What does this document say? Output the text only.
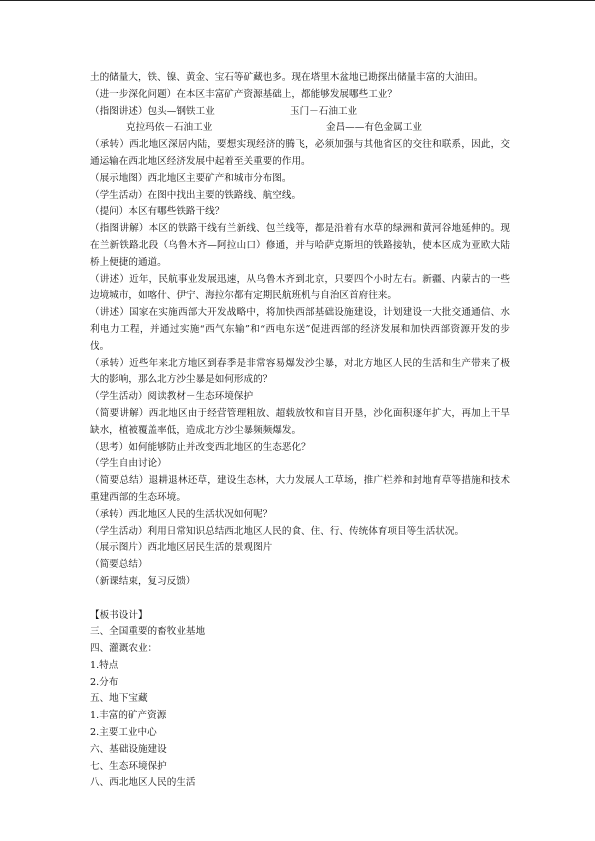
土的储量大，铁、镍、黄金、宝石等矿藏也多。现在塔里木盆地已勘探出储量丰富的大油田。

（进一步深化问题）在本区丰富矿产资源基础上，都能够发展哪些工业？

（指图讲述）包头—钢铁工业	玉门－石油工业
克拉玛依－石油工业	金昌——有色金属工业

（承转）西北地区深居内陆，要想实现经济的腾飞，必须加强与其他省区的交往和联系，因此，交通运输在西北地区经济发展中起着至关重要的作用。

（展示地图）西北地区主要矿产和城市分布图。

（学生活动）在图中找出主要的铁路线、航空线。

（提问）本区有哪些铁路干线？

（指图讲解）本区的铁路干线有兰新线、包兰线等，都是沿着有水草的绿洲和黄河谷地延伸的。现在兰新铁路北段（乌鲁木齐—阿拉山口）修通，并与哈萨克斯坦的铁路接轨，使本区成为亚欧大陆桥上便捷的通道。

（讲述）近年，民航事业发展迅速，从乌鲁木齐到北京，只要四个小时左右。新疆、内蒙古的一些边境城市，如喀什、伊宁、海拉尔都有定期民航班机与自治区首府往来。

（讲述）国家在实施西部大开发战略中，将加快西部基础设施建设，计划建设一大批交通通信、水利电力工程，并通过实施“西气东输”和“西电东送”促进西部的经济发展和加快西部资源开发的步伐。

（承转）近些年来北方地区到春季是非常容易爆发沙尘暴，对北方地区人民的生活和生产带来了极大的影响，那么北方沙尘暴是如何形成的？

（学生活动）阅读教材－生态环境保护

（简要讲解）西北地区由于经营管理粗放、超载放牧和盲目开垦，沙化面积逐年扩大，再加上干旱缺水，植被覆盖率低，造成北方沙尘暴频频爆发。

（思考）如何能够防止并改变西北地区的生态恶化？

（学生自由讨论）

（简要总结）退耕退林还草，建设生态林，大力发展人工草场，推广栏养和封地育草等措施和技术重建西部的生态环境。

（承转）西北地区人民的生活状况如何呢？

（学生活动）利用日常知识总结西北地区人民的食、住、行、传统体育项目等生活状况。

（展示图片）西北地区居民生活的景观图片

（简要总结）

（新课结束，复习反馈）

【板书设计】

三、全国重要的畜牧业基地

四、灌溉农业：

1.特点

2.分布

五、地下宝藏

1.丰富的矿产资源

2.主要工业中心

六、基础设施建设

七、生态环境保护

八、西北地区人民的生活
